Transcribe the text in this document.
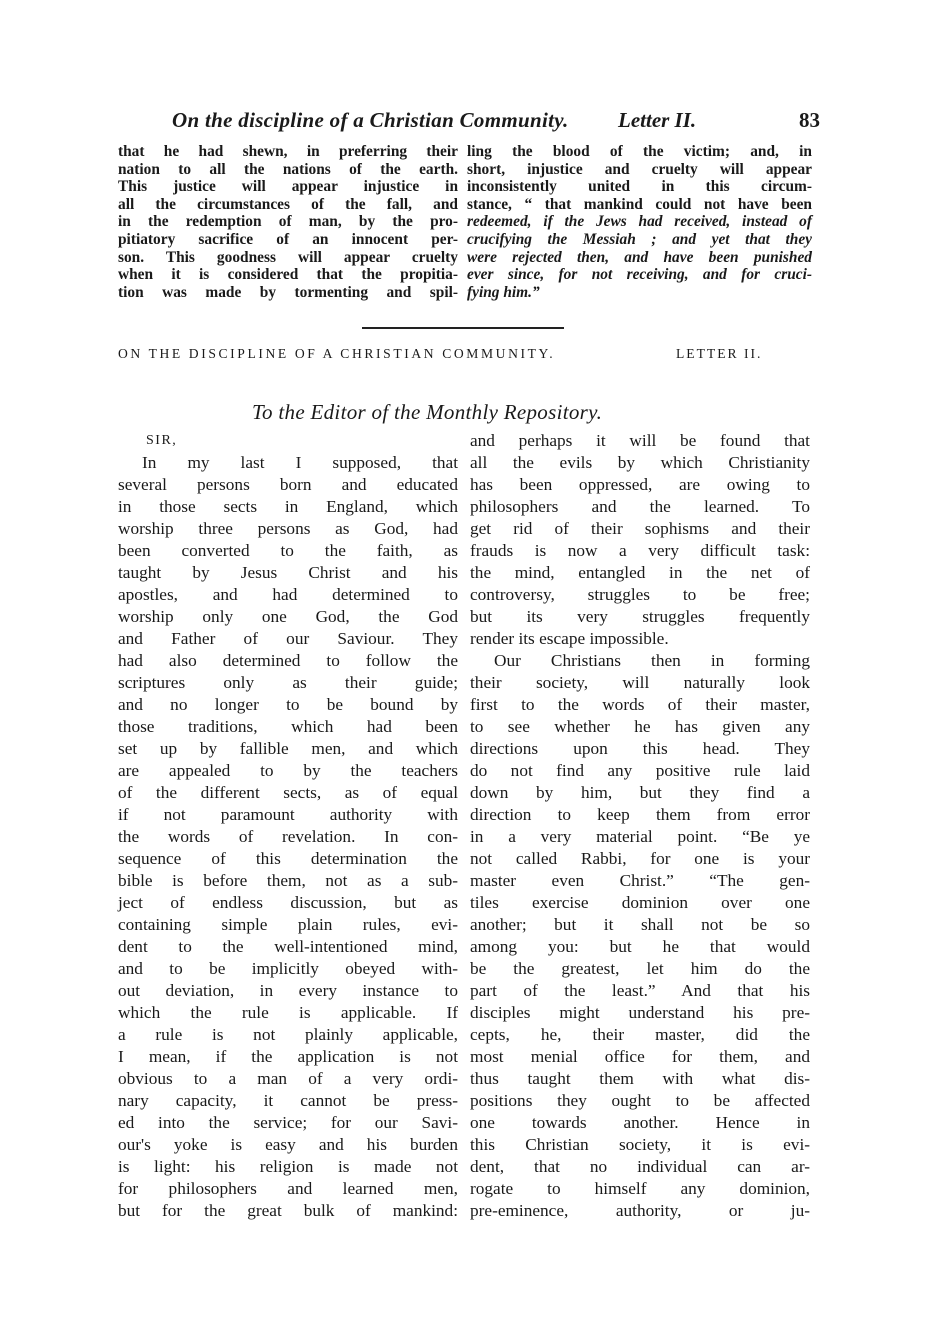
On the discipline of a Christian Community. Letter II.	83
that he had shewn, in preferring their
nation to all the nations of the earth.
This justice will appear injustice in
all the circumstances of the fall, and
in the redemption of man, by the pro-
pitiatory sacrifice of an innocent per-
son. This goodness will appear cruelty
when it is considered that the propitia-
tion was made by tormenting and spil-
ling the blood of the victim; and, in
short, injustice and cruelty will appear
inconsistently united in this circum-
stance, “ that mankind could not have been
redeemed, if the Jews had received, instead of
crucifying the Messiah ; and yet that they
were rejected then, and have been punished
ever since, for not receiving, and for cruci-
fying him.”
ON THE DISCIPLINE OF A CHRISTIAN COMMUNITY.	LETTER II.
To the Editor of the Monthly Repository.
SIR,
In my last I supposed, that
several persons born and educated
in those sects in England, which
worship three persons as God, had
been converted to the faith, as
taught by Jesus Christ and his
apostles, and had determined to
worship only one God, the God
and Father of our Saviour. They
had also determined to follow the
scriptures only as their guide;
and no longer to be bound by
those traditions, which had been
set up by fallible men, and which
are appealed to by the teachers
of the different sects, as of equal
if not paramount authority with
the words of revelation. In con-
sequence of this determination the
bible is before them, not as a sub-
ject of endless discussion, but as
containing simple plain rules, evi-
dent to the well-intentioned mind,
and to be implicitly obeyed with-
out deviation, in every instance to
which the rule is applicable. If
a rule is not plainly applicable,
I mean, if the application is not
obvious to a man of a very ordi-
nary capacity, it cannot be press-
ed into the service; for our Savi-
our's yoke is easy and his burden
is light: his religion is made not
for philosophers and learned men,
but for the great bulk of mankind:
and perhaps it will be found that
all the evils by which Christianity
has been oppressed, are owing to
philosophers and the learned. To
get rid of their sophisms and their
frauds is now a very difficult task:
the mind, entangled in the net of
controversy, struggles to be free;
but its very struggles frequently
render its escape impossible.
Our Christians then in forming
their society, will naturally look
first to the words of their master,
to see whether he has given any
directions upon this head. They
do not find any positive rule laid
down by him, but they find a
direction to keep them from error
in a very material point. “Be ye
not called Rabbi, for one is your
master even Christ.” “The gen-
tiles exercise dominion over one
another; but it shall not be so
among you: but he that would
be the greatest, let him do the
part of the least.” And that his
disciples might understand his pre-
cepts, he, their master, did the
most menial office for them, and
thus taught them with what dis-
positions they ought to be affected
one towards another. Hence in
this Christian society, it is evi-
dent, that no individual can ar-
rogate to himself any dominion,
pre-eminence, authority, or ju-
